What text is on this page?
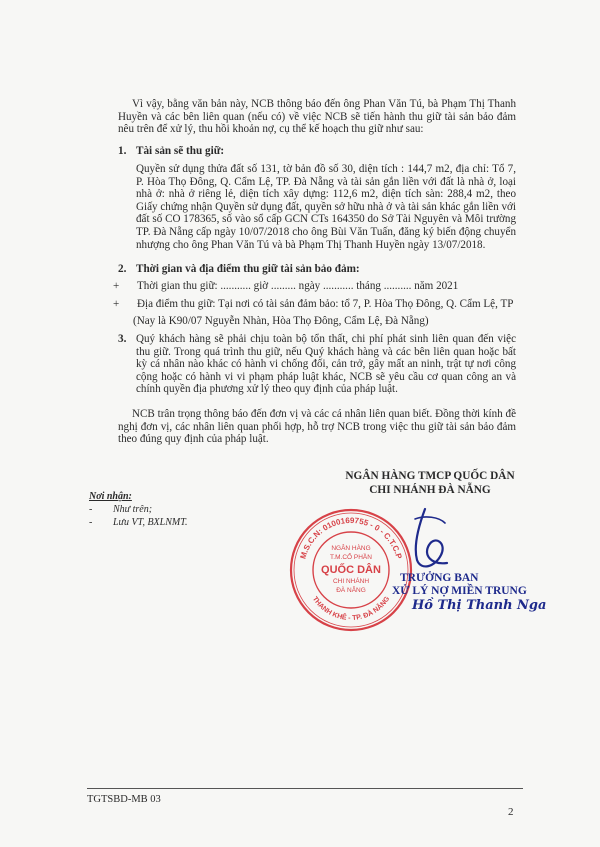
Vì vậy, bằng văn bản này, NCB thông báo đến ông Phan Văn Tú, bà Phạm Thị Thanh Huyền và các bên liên quan (nếu có) về việc NCB sẽ tiến hành thu giữ tài sản bảo đảm nêu trên để xử lý, thu hồi khoản nợ, cụ thể kế hoạch thu giữ như sau:

1. Tài sản sẽ thu giữ:

Quyền sử dụng thửa đất số 131, tờ bản đồ số 30, diện tích : 144,7 m2, địa chỉ: Tổ 7, P. Hòa Thọ Đông, Q. Cẩm Lệ, TP. Đà Nẵng và tài sản gắn liền với đất là nhà ở, loại nhà ở: nhà ở riêng lẻ, diện tích xây dựng: 112,6 m2, diện tích sàn: 288,4 m2, theo Giấy chứng nhận Quyền sử dụng đất, quyền sở hữu nhà ở và tài sản khác gắn liền với đất số CO 178365, số vào sổ cấp GCN CTs 164350 do Sở Tài Nguyên và Môi trường TP. Đà Nẵng cấp ngày 10/07/2018 cho ông Bùi Văn Tuấn, đăng ký biến động chuyển nhượng cho ông Phan Văn Tú và bà Phạm Thị Thanh Huyền ngày 13/07/2018.

2. Thời gian và địa điểm thu giữ tài sản bảo đảm:
+ Thời gian thu giữ: ........... giờ ......... ngày ........... tháng .......... năm 2021
+ Địa điểm thu giữ: Tại nơi có tài sản đảm bảo: tổ 7, P. Hòa Thọ Đông, Q. Cẩm Lệ, TP
(Nay là K90/07 Nguyễn Nhàn, Hòa Thọ Đông, Cẩm Lệ, Đà Nẵng)
3. Quý khách hàng sẽ phải chịu toàn bộ tổn thất, chi phí phát sinh liên quan đến việc thu giữ. Trong quá trình thu giữ, nếu Quý khách hàng và các bên liên quan hoặc bất kỳ cá nhân nào khác có hành vi chống đối, cản trở, gây mất an ninh, trật tự nơi công cộng hoặc có hành vi vi phạm pháp luật khác, NCB sẽ yêu cầu cơ quan công an và chính quyền địa phương xử lý theo quy định của pháp luật.

NCB trân trọng thông báo đến đơn vị và các cá nhân liên quan biết. Đồng thời kính đề nghị đơn vị, các nhân liên quan phối hợp, hỗ trợ NCB trong việc thu giữ tài sản bảo đảm theo đúng quy định của pháp luật.

NGÂN HÀNG TMCP QUỐC DÂN
CHI NHÁNH ĐÀ NẴNG
Nơi nhận:
- Như trên;
- Lưu VT, BXLNMT.
M.S.C.N: 0100169755 - 0 - C.T.C.P
THANH KHÊ - TP. ĐÀ NẴNG
NGÂN HÀNG
T.M.CỔ PHẦN
QUỐC DÂN
CHI NHÁNH
ĐÀ NẴNG
TRƯỞNG BAN
XỬ LÝ NỢ MIỀN TRUNG
Hồ Thị Thanh Nga
TGTSBD-MB 03
2
